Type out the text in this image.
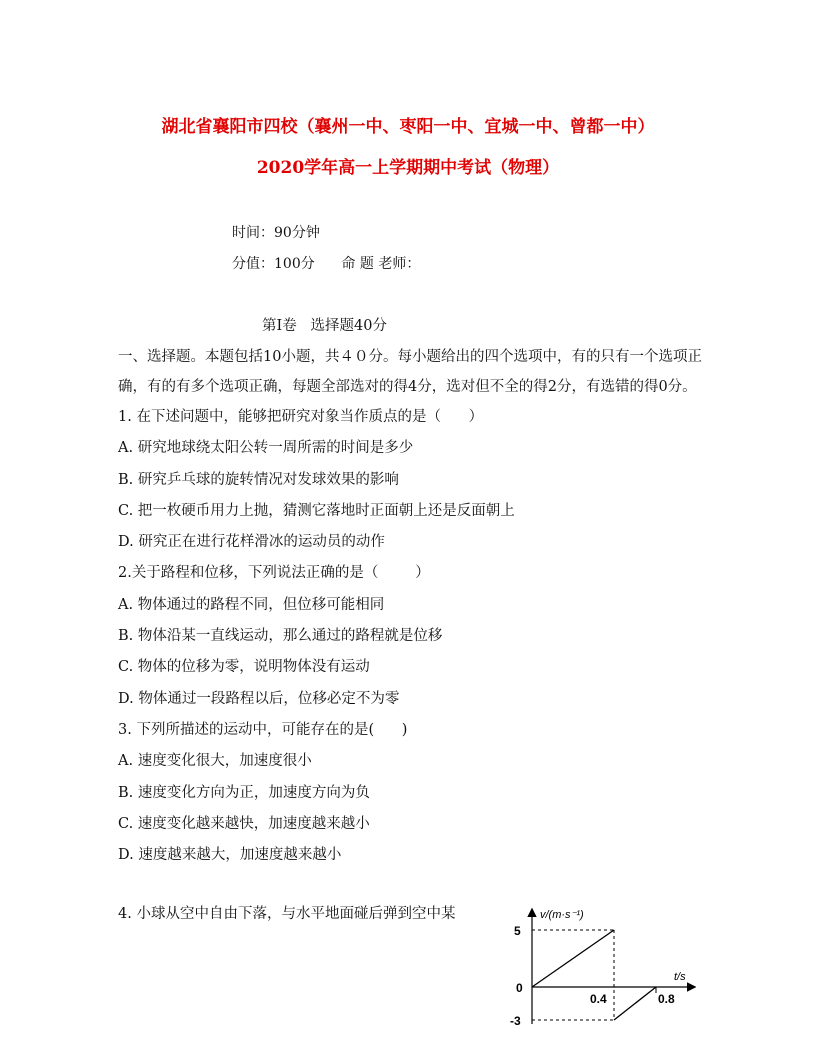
湖北省襄阳市四校（襄州一中、枣阳一中、宜城一中、曾都一中）
2020学年高一上学期期中考试（物理）
时间：90分钟
分值：100分      命 题 老师：
第Ⅰ卷   选择题40分

一、选择题。本题包括10小题，共４０分。每小题给出的四个选项中，有的只有一个选项正确，有的有多个选项正确，每题全部选对的得4分，选对但不全的得2分，有选错的得0分。

1. 在下述问题中，能够把研究对象当作质点的是（      ）
A. 研究地球绕太阳公转一周所需的时间是多少
B. 研究乒乓球的旋转情况对发球效果的影响
C. 把一枚硬币用力上抛，猜测它落地时正面朝上还是反面朝上
D. 研究正在进行花样滑冰的运动员的动作
2.关于路程和位移，下列说法正确的是（        ）
A. 物体通过的路程不同，但位移可能相同
B. 物体沿某一直线运动，那么通过的路程就是位移
C. 物体的位移为零，说明物体没有运动
D. 物体通过一段路程以后，位移必定不为零
3. 下列所描述的运动中，可能存在的是(      )
A. 速度变化很大，加速度很小
B. 速度变化方向为正，加速度方向为负
C. 速度变化越来越快，加速度越来越小
D. 速度越来越大，加速度越来越小
4. 小球从空中自由下落，与水平地面碰后弹到空中某	v/(m·s⁻¹)
t/s
5
0
-3
0.4	0.8
